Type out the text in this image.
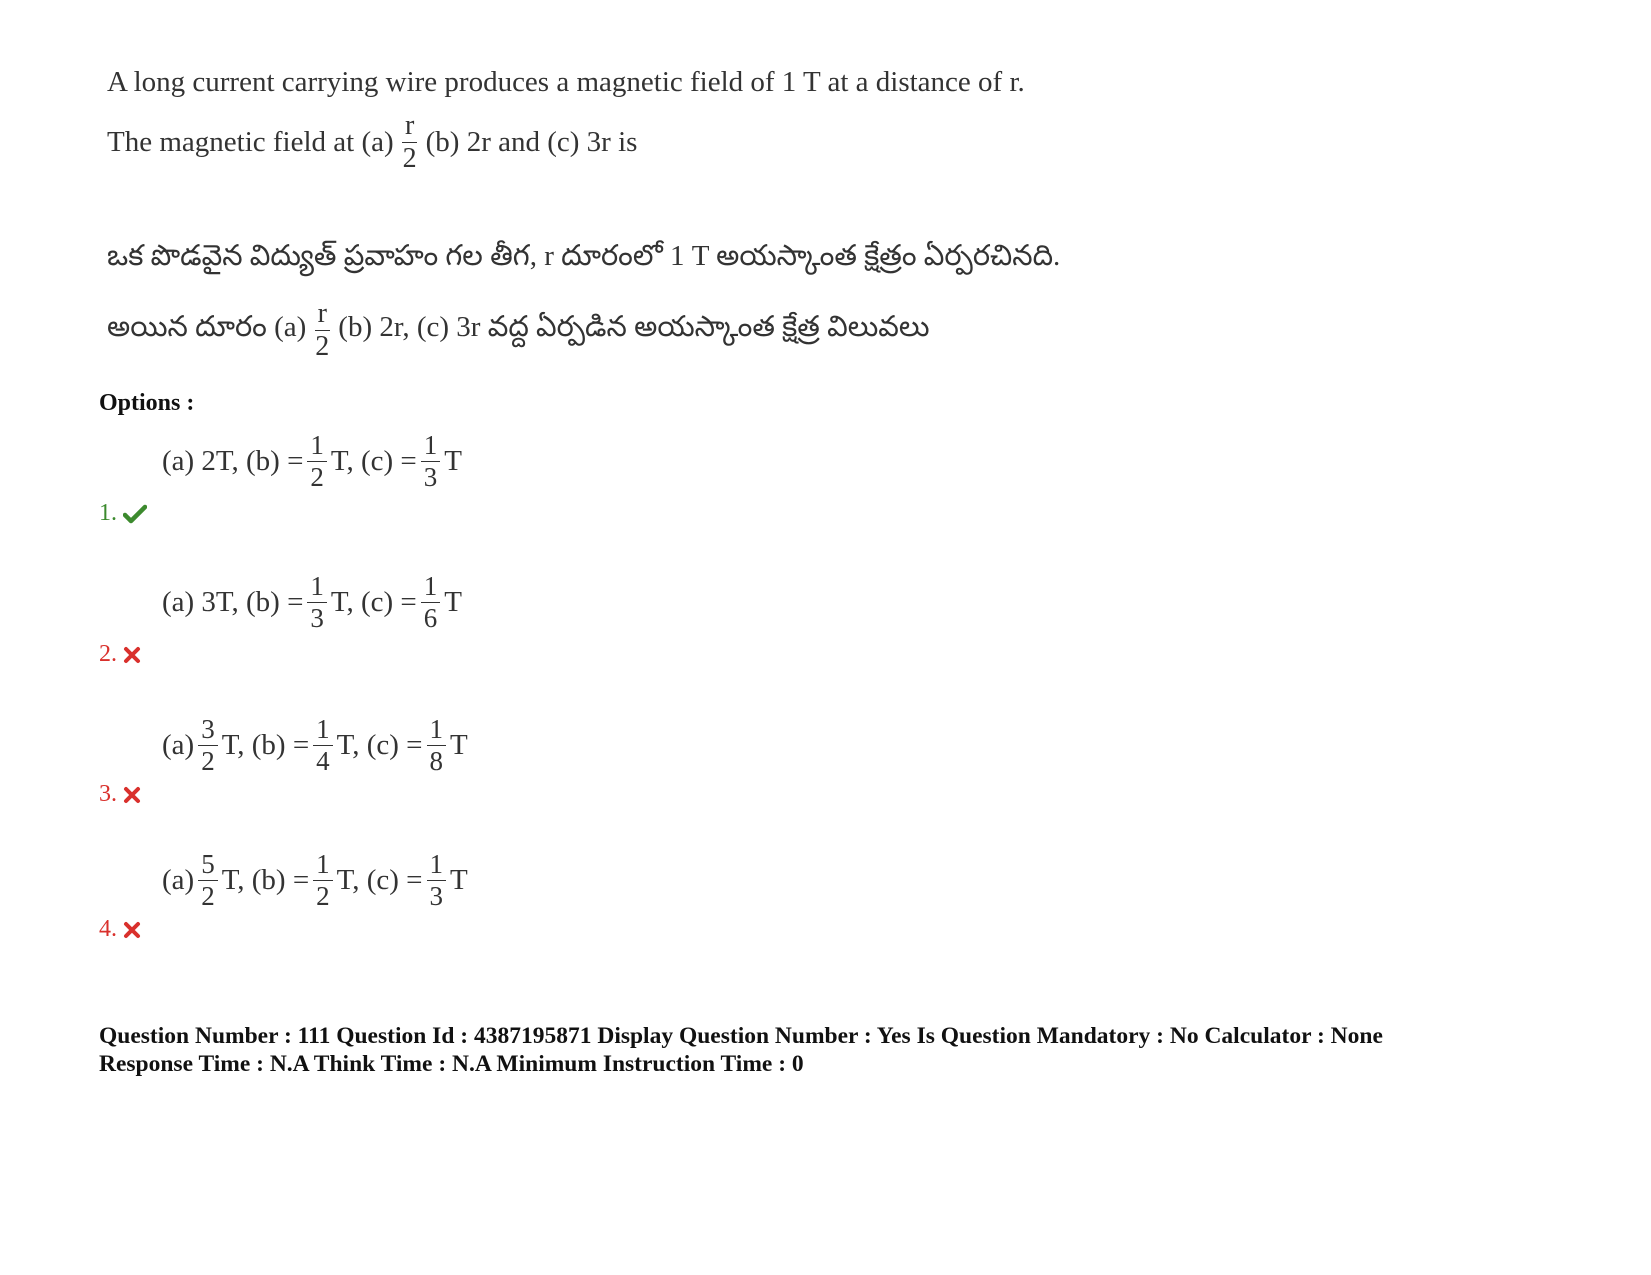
A long current carrying wire produces a magnetic field of 1 T at a distance of r.
The magnetic field at $(a) \frac{r}{2} (b)$ 2r and (c) 3r is
ఒక పొడవైన విద్యుత్ ప్రవాహం గల తీగ, r దూరంలో 1 T అయస్కాంత క్షేత్రం ఏర్పరచినది.
అయిన దూరం $(a) \frac{r}{2} (b)$ 2r, (c) 3r వద్ద ఏర్పడిన అయస్కాంత క్షేత్ర విలువలు
Options :
(a) 2T, $(b) = \frac{1}{2} T$, $(c) = \frac{1}{3}$ T
1.
(a) 3T, $(b) = \frac{1}{3} T$, $(c) = \frac{1}{6}$ T
2.
$(a) \frac{3}{2} T$, $(b) = \frac{1}{4} T$, $(c) = \frac{1}{8}$ T
3.
$(a) \frac{5}{2} T$, $(b) = \frac{1}{2} T$, $(c) = \frac{1}{3}$ T
4.
Question Number : 111 Question Id : 4387195871 Display Question Number : Yes Is Question Mandatory : No Calculator : None
Response Time : N.A Think Time : N.A Minimum Instruction Time : 0
